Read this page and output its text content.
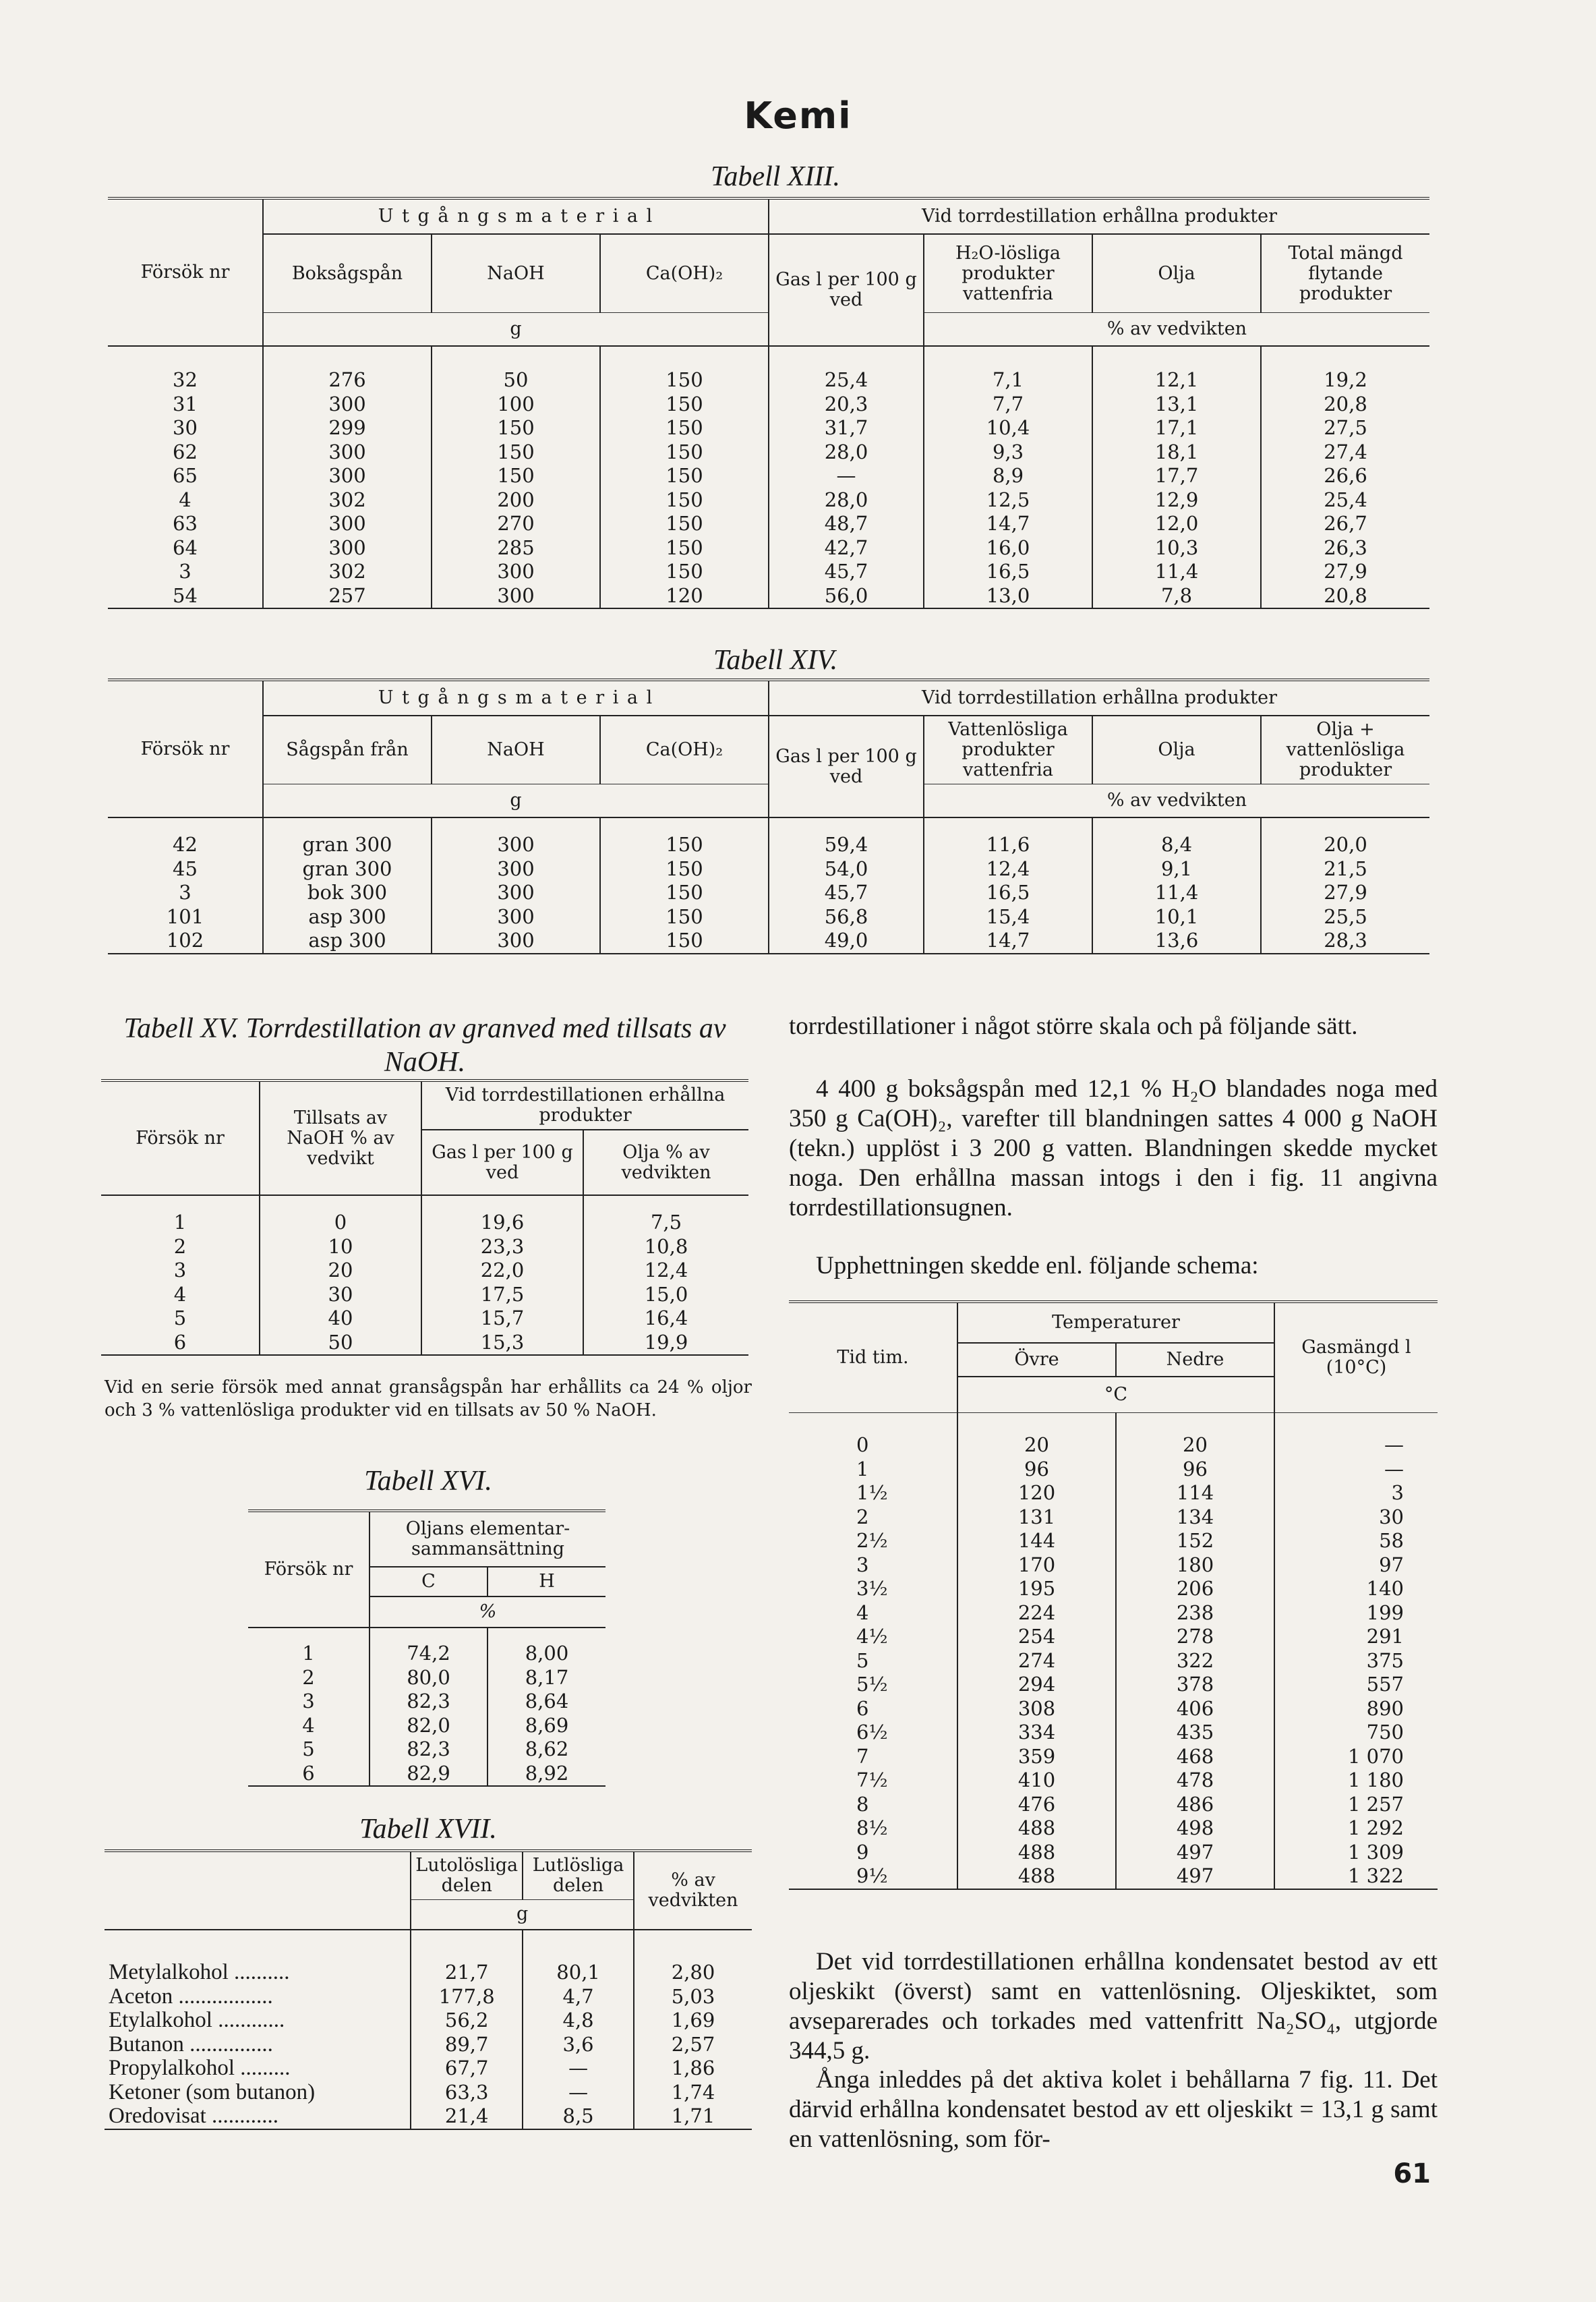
Kemi
Tabell XIII.
Försök nr	U t g å n g s m a t e r i a l			Vid torrdestillation erhållna produkter			
	Boksågspån	NaOH	Ca(OH)₂	Gas l per 100 g ved	H₂O-lösliga produkter vattenfria	Olja	Total mängd flytande produkter
	g				% av vedvikten		

32	276	50	150	25,4	7,1	12,1	19,2
31	300	100	150	20,3	7,7	13,1	20,8
30	299	150	150	31,7	10,4	17,1	27,5
62	300	150	150	28,0	9,3	18,1	27,4
65	300	150	150	—	8,9	17,7	26,6
4	302	200	150	28,0	12,5	12,9	25,4
63	300	270	150	48,7	14,7	12,0	26,7
64	300	285	150	42,7	16,0	10,3	26,3
3	302	300	150	45,7	16,5	11,4	27,9
54	257	300	120	56,0	13,0	7,8	20,8
Tabell XIV.
Försök nr	U t g å n g s m a t e r i a l			Vid torrdestillation erhållna produkter			
	Sågspån från	NaOH	Ca(OH)₂	Gas l per 100 g ved	Vattenlösliga produkter vattenfria	Olja	Olja + vattenlösliga produkter
	g				% av vedvikten		

42	gran 300	300	150	59,4	11,6	8,4	20,0
45	gran 300	300	150	54,0	12,4	9,1	21,5
3	bok 300	300	150	45,7	16,5	11,4	27,9
101	asp 300	300	150	56,8	15,4	10,1	25,5
102	asp 300	300	150	49,0	14,7	13,6	28,3
Tabell XV. Torrdestillation av granved med tillsats av NaOH.
Försök nr	Tillsats av NaOH % av vedvikt	Vid torrdestillationen erhållna produkter	
		Gas l per 100 g ved	Olja % av vedvikten

1	0	19,6	7,5
2	10	23,3	10,8
3	20	22,0	12,4
4	30	17,5	15,0
5	40	15,7	16,4
6	50	15,3	19,9
Vid en serie försök med annat gransågspån har erhållits ca 24 % oljor och 3 % vattenlösliga produkter vid en tillsats av 50 % NaOH.
Tabell XVI.
Försök nr	Oljans elementar-sammansättning	
	C	H
	%	

1	74,2	8,00
2	80,0	8,17
3	82,3	8,64
4	82,0	8,69
5	82,3	8,62
6	82,9	8,92
Tabell XVII.
	Lutolösliga delen	Lutlösliga delen	% av vedvikten
	g		

Metylalkohol ..........	21,7	80,1	2,80
Aceton .................	177,8	4,7	5,03
Etylalkohol ............	56,2	4,8	1,69
Butanon ...............	89,7	3,6	2,57
Propylalkohol .........	67,7	—	1,86
Ketoner (som butanon)	63,3	—	1,74
Oredovisat ............	21,4	8,5	1,71
torrdestillationer i något större skala och på följande sätt.
4 400 g boksågspån med 12,1 % H₂O blandades noga med 350 g Ca(OH)₂, varefter till blandningen sattes 4 000 g NaOH (tekn.) upplöst i 3 200 g vatten. Blandningen skedde mycket noga. Den erhållna massan intogs i den i fig. 11 angivna torrdestillationsugnen.
Upphettningen skedde enl. följande schema:
Tid tim.	Temperaturer		Gasmängd l (10°C)
	Övre	Nedre	
	°C		

0	20	20	—
1	96	96	—
1½	120	114	3
2	131	134	30
2½	144	152	58
3	170	180	97
3½	195	206	140
4	224	238	199
4½	254	278	291
5	274	322	375
5½	294	378	557
6	308	406	890
6½	334	435	750
7	359	468	1 070
7½	410	478	1 180
8	476	486	1 257
8½	488	498	1 292
9	488	497	1 309
9½	488	497	1 322
Det vid torrdestillationen erhållna kondensatet bestod av ett oljeskikt (överst) samt en vattenlösning. Oljeskiktet, som avseparerades och torkades med vattenfritt Na₂SO₄, utgjorde 344,5 g.
Ånga inleddes på det aktiva kolet i behållarna 7 fig. 11. Det därvid erhållna kondensatet bestod av ett oljeskikt = 13,1 g samt en vattenlösning, som för-
61
